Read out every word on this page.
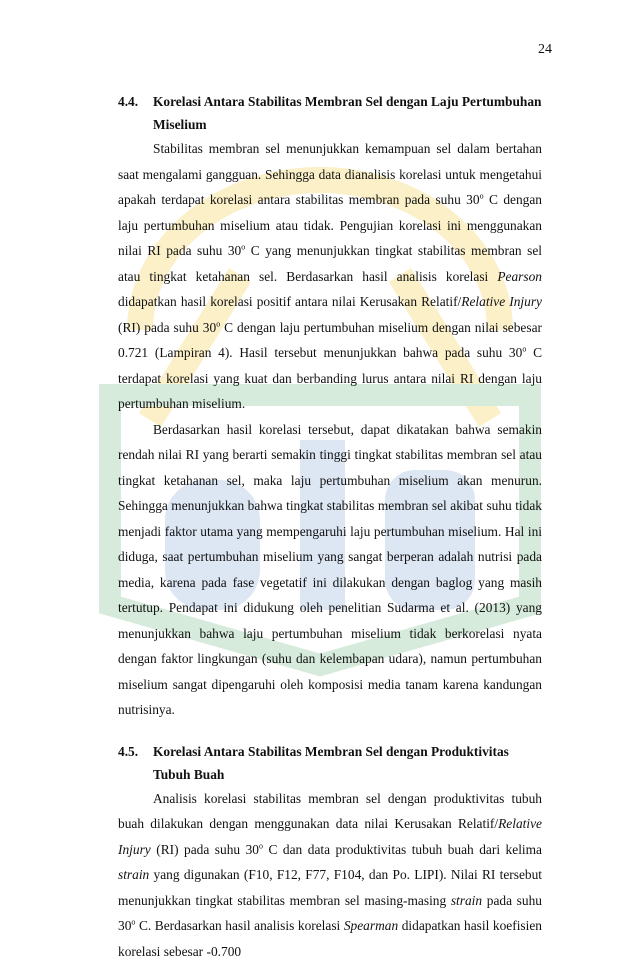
24
4.4.	Korelasi Antara Stabilitas Membran Sel dengan Laju Pertumbuhan Miselium

Stabilitas membran sel menunjukkan kemampuan sel dalam bertahan saat mengalami gangguan. Sehingga data dianalisis korelasi untuk mengetahui apakah terdapat korelasi antara stabilitas membran pada suhu 30$^o$ C dengan laju pertumbuhan miselium atau tidak. Pengujian korelasi ini menggunakan nilai RI pada suhu 30$^o$ C yang menunjukkan tingkat stabilitas membran sel atau tingkat ketahanan sel. Berdasarkan hasil analisis korelasi Pearson didapatkan hasil korelasi positif antara nilai Kerusakan Relatif/Relative Injury (RI) pada suhu 30$^o$ C dengan laju pertumbuhan miselium dengan nilai sebesar 0.721 (Lampiran 4). Hasil tersebut menunjukkan bahwa pada suhu 30$^o$ C terdapat korelasi yang kuat dan berbanding lurus antara nilai RI dengan laju pertumbuhan miselium.

Berdasarkan hasil korelasi tersebut, dapat dikatakan bahwa semakin rendah nilai RI yang berarti semakin tinggi tingkat stabilitas membran sel atau tingkat ketahanan sel, maka laju pertumbuhan miselium akan menurun. Sehingga menunjukkan bahwa tingkat stabilitas membran sel akibat suhu tidak menjadi faktor utama yang mempengaruhi laju pertumbuhan miselium. Hal ini diduga, saat pertumbuhan miselium yang sangat berperan adalah nutrisi pada media, karena pada fase vegetatif ini dilakukan dengan baglog yang masih tertutup. Pendapat ini didukung oleh penelitian Sudarma et al. (2013) yang menunjukkan bahwa laju pertumbuhan miselium tidak berkorelasi nyata dengan faktor lingkungan (suhu dan kelembapan udara), namun pertumbuhan miselium sangat dipengaruhi oleh komposisi media tanam karena kandungan nutrisinya.

4.5.	Korelasi Antara Stabilitas Membran Sel dengan Produktivitas Tubuh Buah

Analisis korelasi stabilitas membran sel dengan produktivitas tubuh buah dilakukan dengan menggunakan data nilai Kerusakan Relatif/Relative Injury (RI) pada suhu 30$^o$ C dan data produktivitas tubuh buah dari kelima strain yang digunakan (F10, F12, F77, F104, dan Po. LIPI). Nilai RI tersebut menunjukkan tingkat stabilitas membran sel masing-masing strain pada suhu 30$^o$ C. Berdasarkan hasil analisis korelasi Spearman didapatkan hasil koefisien korelasi sebesar -0.700
